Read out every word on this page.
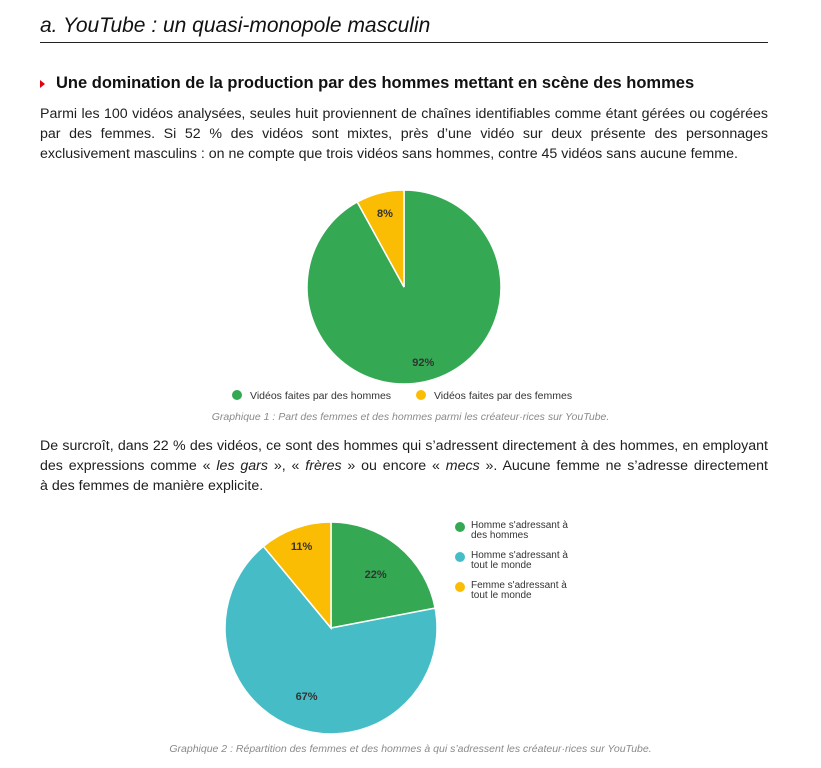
a. YouTube : un quasi-monopole masculin
Une domination de la production par des hommes mettant en scène des hommes
Parmi les 100 vidéos analysées, seules huit proviennent de chaînes identifiables comme étant gérées ou cogérées
par des femmes. Si 52 % des vidéos sont mixtes, près d’une vidéo sur deux présente des personnages
exclusivement masculins : on ne compte que trois vidéos sans hommes, contre 45 vidéos sans aucune femme.
92%
8%
Vidéos faites par des hommes	Vidéos faites par des femmes
Graphique 1 : Part des femmes et des hommes parmi les créateur·rices sur YouTube.
De surcroît, dans 22 % des vidéos, ce sont des hommes qui s’adressent directement à des hommes, en employant
des expressions comme « les gars », « frères » ou encore « mecs ». Aucune femme ne s’adresse directement
à des femmes de manière explicite.
22%
67%
11%
Homme s'adressant à
des hommes
Homme s'adressant à
tout le monde
Femme s'adressant à
tout le monde
Graphique 2 : Répartition des femmes et des hommes à qui s’adressent les créateur·rices sur YouTube.
